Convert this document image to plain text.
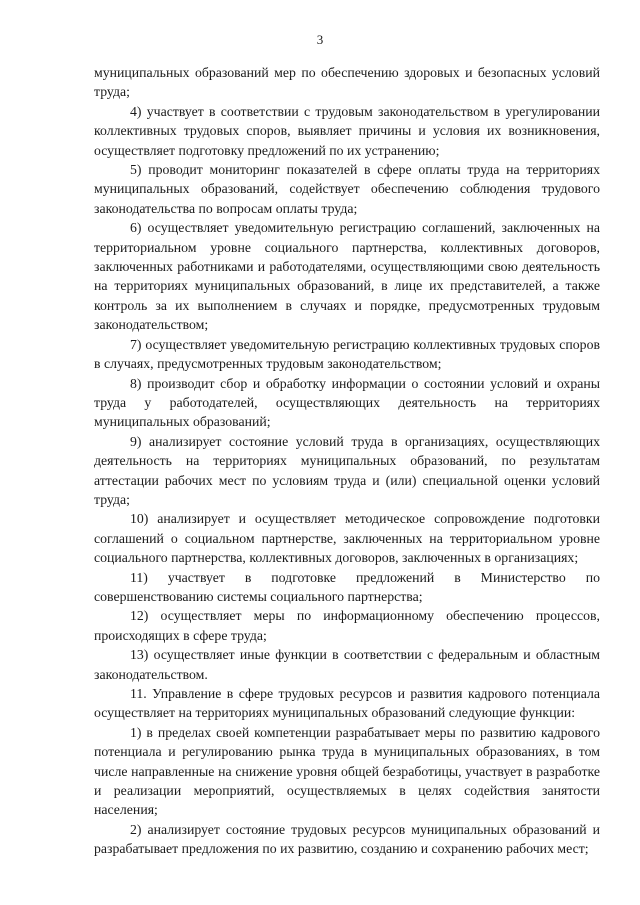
3

муниципальных образований мер по обеспечению здоровых и безопасных условий труда;

4) участвует в соответствии с трудовым законодательством в урегулировании коллективных трудовых споров, выявляет причины и условия их возникновения, осуществляет подготовку предложений по их устранению;

5) проводит мониторинг показателей в сфере оплаты труда на территориях муниципальных образований, содействует обеспечению соблюдения трудового законодательства по вопросам оплаты труда;

6) осуществляет уведомительную регистрацию соглашений, заключенных на территориальном уровне социального партнерства, коллективных договоров, заключенных работниками и работодателями, осуществляющими свою деятельность на территориях муниципальных образований, в лице их представителей, а также контроль за их выполнением в случаях и порядке, предусмотренных трудовым законодательством;

7) осуществляет уведомительную регистрацию коллективных трудовых споров в случаях, предусмотренных трудовым законодательством;

8) производит сбор и обработку информации о состоянии условий и охраны труда у работодателей, осуществляющих деятельность на территориях муниципальных образований;

9) анализирует состояние условий труда в организациях, осуществляющих деятельность на территориях муниципальных образований, по результатам аттестации рабочих мест по условиям труда и (или) специальной оценки условий труда;

10) анализирует и осуществляет методическое сопровождение подготовки соглашений о социальном партнерстве, заключенных на территориальном уровне социального партнерства, коллективных договоров, заключенных в организациях;

11) участвует в подготовке предложений в Министерство по совершенствованию системы социального партнерства;

12) осуществляет меры по информационному обеспечению процессов, происходящих в сфере труда;

13) осуществляет иные функции в соответствии с федеральным и областным законодательством.

11. Управление в сфере трудовых ресурсов и развития кадрового потенциала осуществляет на территориях муниципальных образований следующие функции:

1) в пределах своей компетенции разрабатывает меры по развитию кадрового потенциала и регулированию рынка труда в муниципальных образованиях, в том числе направленные на снижение уровня общей безработицы, участвует в разработке и реализации мероприятий, осуществляемых в целях содействия занятости населения;

2) анализирует состояние трудовых ресурсов муниципальных образований и разрабатывает предложения по их развитию, созданию и сохранению рабочих мест;
